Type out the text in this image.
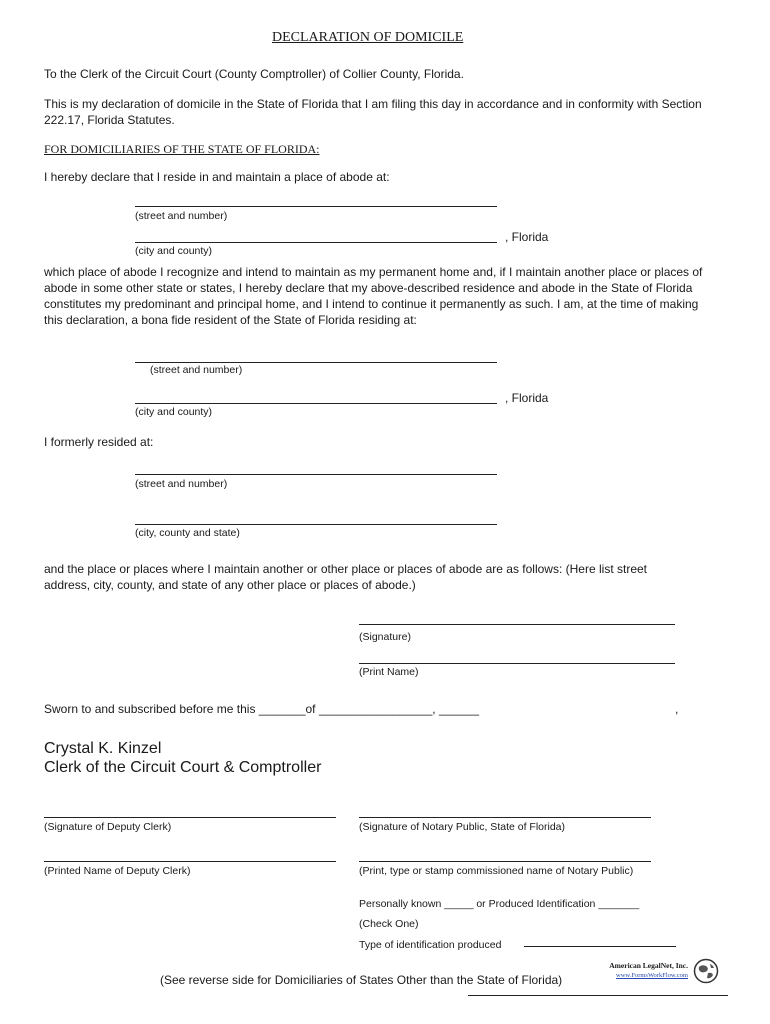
DECLARATION OF DOMICILE
To the Clerk of the Circuit Court (County Comptroller) of Collier County, Florida.
This is my declaration of domicile in the State of Florida that I am filing this day in accordance and in conformity with Section 222.17, Florida Statutes.
FOR DOMICILIARIES OF THE STATE OF FLORIDA:
I hereby declare that I reside in and maintain a place of abode at:
(street and number)
, Florida
(city and county)
which place of abode I recognize and intend to maintain as my permanent home and, if I maintain another place or places of abode in some other state or states, I hereby declare that my above-described residence and abode in the State of Florida constitutes my predominant and principal home, and I intend to continue it permanently as such. I am, at the time of making this declaration, a bona fide resident of the State of Florida residing at:
(street and number)
, Florida
(city and county)
I formerly resided at:
(street and number)
(city, county and state)
and the place or places where I maintain another or other place or places of abode are as follows: (Here list street address, city, county, and state of any other place or places of abode.)
(Signature)
(Print Name)
Sworn to and subscribed before me this _______of _________________, ______	,
Crystal K. Kinzel
Clerk of the Circuit Court & Comptroller
(Signature of Deputy Clerk)	(Signature of Notary Public, State of Florida)
(Printed Name of Deputy Clerk)	(Print, type or stamp commissioned name of Notary Public)
Personally known _____ or Produced Identification _______
(Check One)
Type of identification produced
(See reverse side for Domiciliaries of States Other than the State of Florida)
American LegalNet, Inc.
www.FormsWorkFlow.com
